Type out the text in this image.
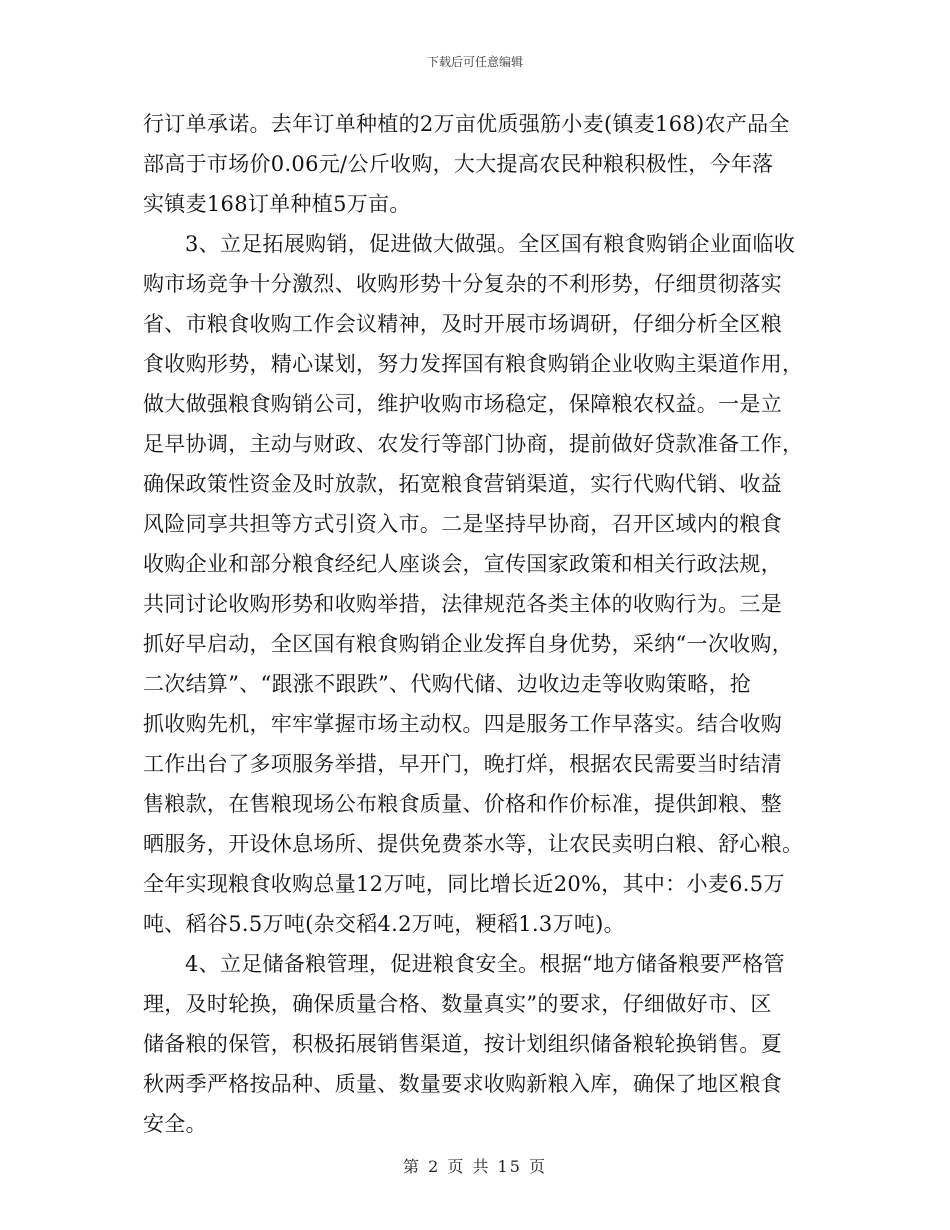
下载后可任意编辑
行订单承诺。去年订单种植的2万亩优质强筋小麦(镇麦168)农产品全
部高于市场价0.06元/公斤收购，大大提高农民种粮积极性，今年落
实镇麦168订单种植5万亩。
3、立足拓展购销，促进做大做强。全区国有粮食购销企业面临收
购市场竞争十分激烈、收购形势十分复杂的不利形势，仔细贯彻落实
省、市粮食收购工作会议精神，及时开展市场调研，仔细分析全区粮
食收购形势，精心谋划，努力发挥国有粮食购销企业收购主渠道作用，
做大做强粮食购销公司，维护收购市场稳定，保障粮农权益。一是立
足早协调，主动与财政、农发行等部门协商，提前做好贷款准备工作，
确保政策性资金及时放款，拓宽粮食营销渠道，实行代购代销、收益
风险同享共担等方式引资入市。二是坚持早协商，召开区域内的粮食
收购企业和部分粮食经纪人座谈会，宣传国家政策和相关行政法规，
共同讨论收购形势和收购举措，法律规范各类主体的收购行为。三是
抓好早启动，全区国有粮食购销企业发挥自身优势，采纳“一次收购，
二次结算”、“跟涨不跟跌”、代购代储、边收边走等收购策略，抢
抓收购先机，牢牢掌握市场主动权。四是服务工作早落实。结合收购
工作出台了多项服务举措，早开门，晚打烊，根据农民需要当时结清
售粮款，在售粮现场公布粮食质量、价格和作价标准，提供卸粮、整
晒服务，开设休息场所、提供免费茶水等，让农民卖明白粮、舒心粮。
全年实现粮食收购总量12万吨，同比增长近20%，其中：小麦6.5万
吨、稻谷5.5万吨(杂交稻4.2万吨，粳稻1.3万吨)。
4、立足储备粮管理，促进粮食安全。根据“地方储备粮要严格管
理，及时轮换，确保质量合格、数量真实”的要求，仔细做好市、区
储备粮的保管，积极拓展销售渠道，按计划组织储备粮轮换销售。夏
秋两季严格按品种、质量、数量要求收购新粮入库，确保了地区粮食
安全。
第 2 页 共 15 页
